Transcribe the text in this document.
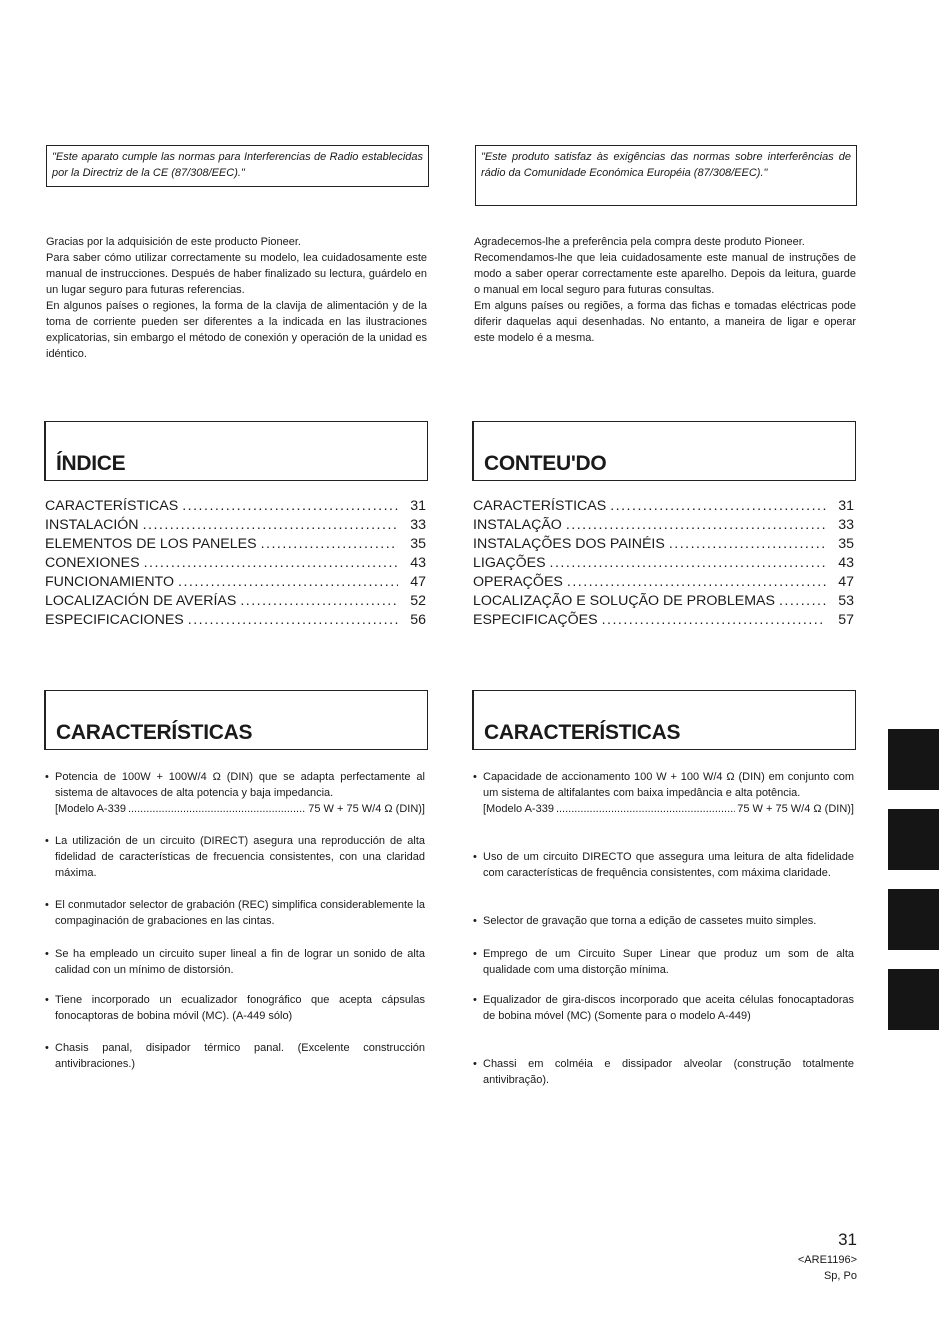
"Este aparato cumple las normas para Interferencias de Radio establecidas por la Directriz de la CE (87/308/EEC)."

Gracias por la adquisición de este producto Pioneer.

Para saber cómo utilizar correctamente su modelo, lea cuidadosamente este manual de instrucciones. Después de haber finalizado su lectura, guárdelo en un lugar seguro para futuras referencias.

En algunos países o regiones, la forma de la clavija de alimentación y de la toma de corriente pueden ser diferentes a la indicada en las ilustraciones explicatorias, sin embargo el método de conexión y operación de la unidad es idéntico.

ÍNDICE
CARACTERÍSTICAS .....	31
INSTALACIÓN .....	33
ELEMENTOS DE LOS PANELES .....	35
CONEXIONES .....	43
FUNCIONAMIENTO .....	47
LOCALIZACIÓN DE AVERÍAS .....	52
ESPECIFICACIONES .....	56
CARACTERÍSTICAS
• Potencia de 100W + 100W/4 Ω (DIN) que se adapta perfectamente al sistema de altavoces de alta potencia y baja impedancia.
[Modelo A-339 .....	75 W + 75 W/4 Ω (DIN)]
• La utilización de un circuito (DIRECT) asegura una reproducción de alta fidelidad de características de frecuencia consistentes, con una claridad máxima.
• El conmutador selector de grabación (REC) simplifica considerablemente la compaginación de grabaciones en las cintas.
• Se ha empleado un circuito super lineal a fin de lograr un sonido de alta calidad con un mínimo de distorsión.
• Tiene incorporado un ecualizador fonográfico que acepta cápsulas fonocaptoras de bobina móvil (MC). (A-449 sólo)
• Chasis panal, disipador térmico panal. (Excelente construcción antivibraciones.)
"Este produto satisfaz às exigências das normas sobre interferências de rádio da Comunidade Económica Européia (87/308/EEC)."

Agradecemos-lhe a preferência pela compra deste produto Pioneer.

Recomendamos-lhe que leia cuidadosamente este manual de instruções de modo a saber operar correctamente este aparelho. Depois da leitura, guarde o manual em local seguro para futuras consultas.

Em alguns países ou regiões, a forma das fichas e tomadas eléctricas pode diferir daquelas aqui desenhadas. No entanto, a maneira de ligar e operar este modelo é a mesma.

CONTEU'DO
CARACTERÍSTICAS .....	31
INSTALAÇÃO .....	33
INSTALAÇÕES DOS PAINÉIS .....	35
LIGAÇÕES .....	43
OPERAÇÕES .....	47
LOCALIZAÇÃO E SOLUÇÃO DE PROBLEMAS .....	53
ESPECIFICAÇÕES .....	57
CARACTERÍSTICAS
• Capacidade de accionamento 100 W + 100 W/4 Ω (DIN) em conjunto com um sistema de altifalantes com baixa impedância e alta potência.
[Modelo A-339 .....	75 W + 75 W/4 Ω (DIN)]
• Uso de um circuito DIRECTO que assegura uma leitura de alta fidelidade com características de frequência consistentes, com máxima claridade.
• Selector de gravação que torna a edição de cassetes muito simples.
• Emprego de um Circuito Super Linear que produz um som de alta qualidade com uma distorção mínima.
• Equalizador de gira-discos incorporado que aceita células fonocaptadoras de bobina móvel (MC) (Somente para o modelo A-449)
• Chassi em colméia e dissipador alveolar (construção totalmente antivibração).
31
<ARE1196>
Sp, Po
